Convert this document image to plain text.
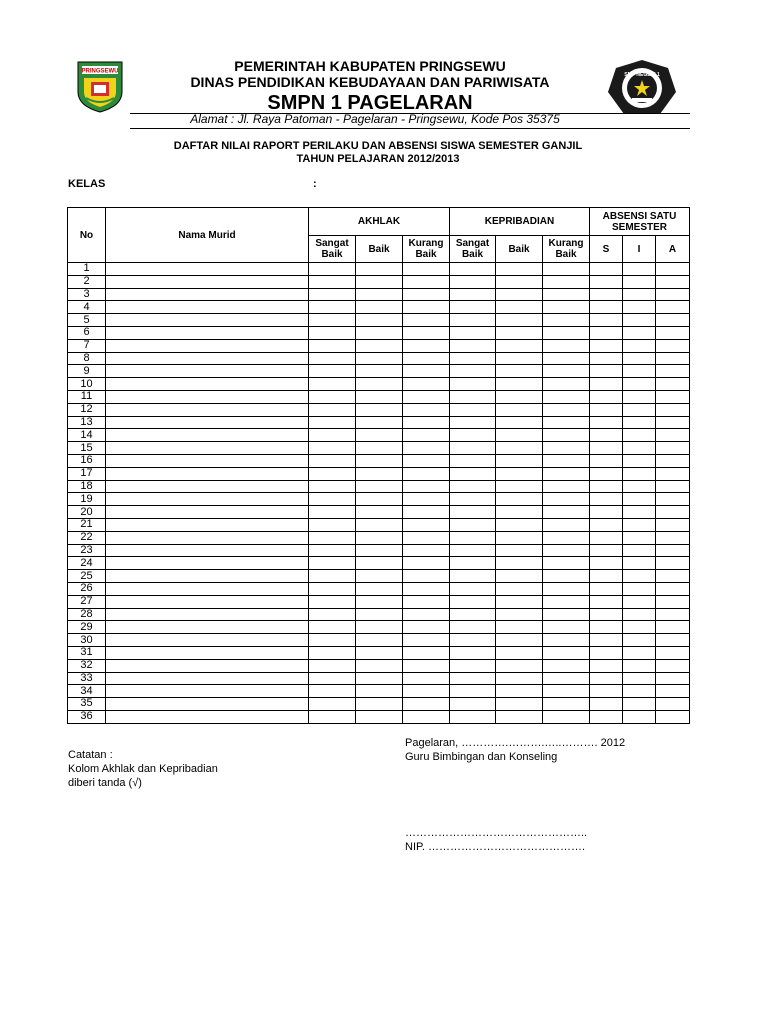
PRINGSEWU
SMP NEGERI 1
PEMERINTAH KABUPATEN PRINGSEWU
DINAS PENDIDIKAN KEBUDAYAAN DAN PARIWISATA
SMPN 1 PAGELARAN
Alamat : Jl. Raya Patoman - Pagelaran - Pringsewu, Kode Pos 35375
DAFTAR NILAI RAPORT PERILAKU DAN ABSENSI SISWA SEMESTER GANJIL
TAHUN PELAJARAN 2012/2013
KELAS	:
No	Nama Murid	AKHLAK			KEPRIBADIAN			ABSENSI SATU SEMESTER		
		Sangat Baik	Baik	Kurang Baik	Sangat Baik	Baik	Kurang Baik	S	I	A
1										
2										
3										
4										
5										
6										
7										
8										
9										
10										
11										
12										
13										
14										
15										
16										
17										
18										
19										
20										
21										
22										
23										
24										
25										
26										
27										
28										
29										
30										
31										
32										
33										
34										
35										
36										
Catatan :
Kolom Akhlak dan Kepribadian
diberi tanda (√)
Pagelaran, ………….……….…..………. 2012
Guru Bimbingan dan Konseling
…………………………………………..
NIP. …………………………………….
